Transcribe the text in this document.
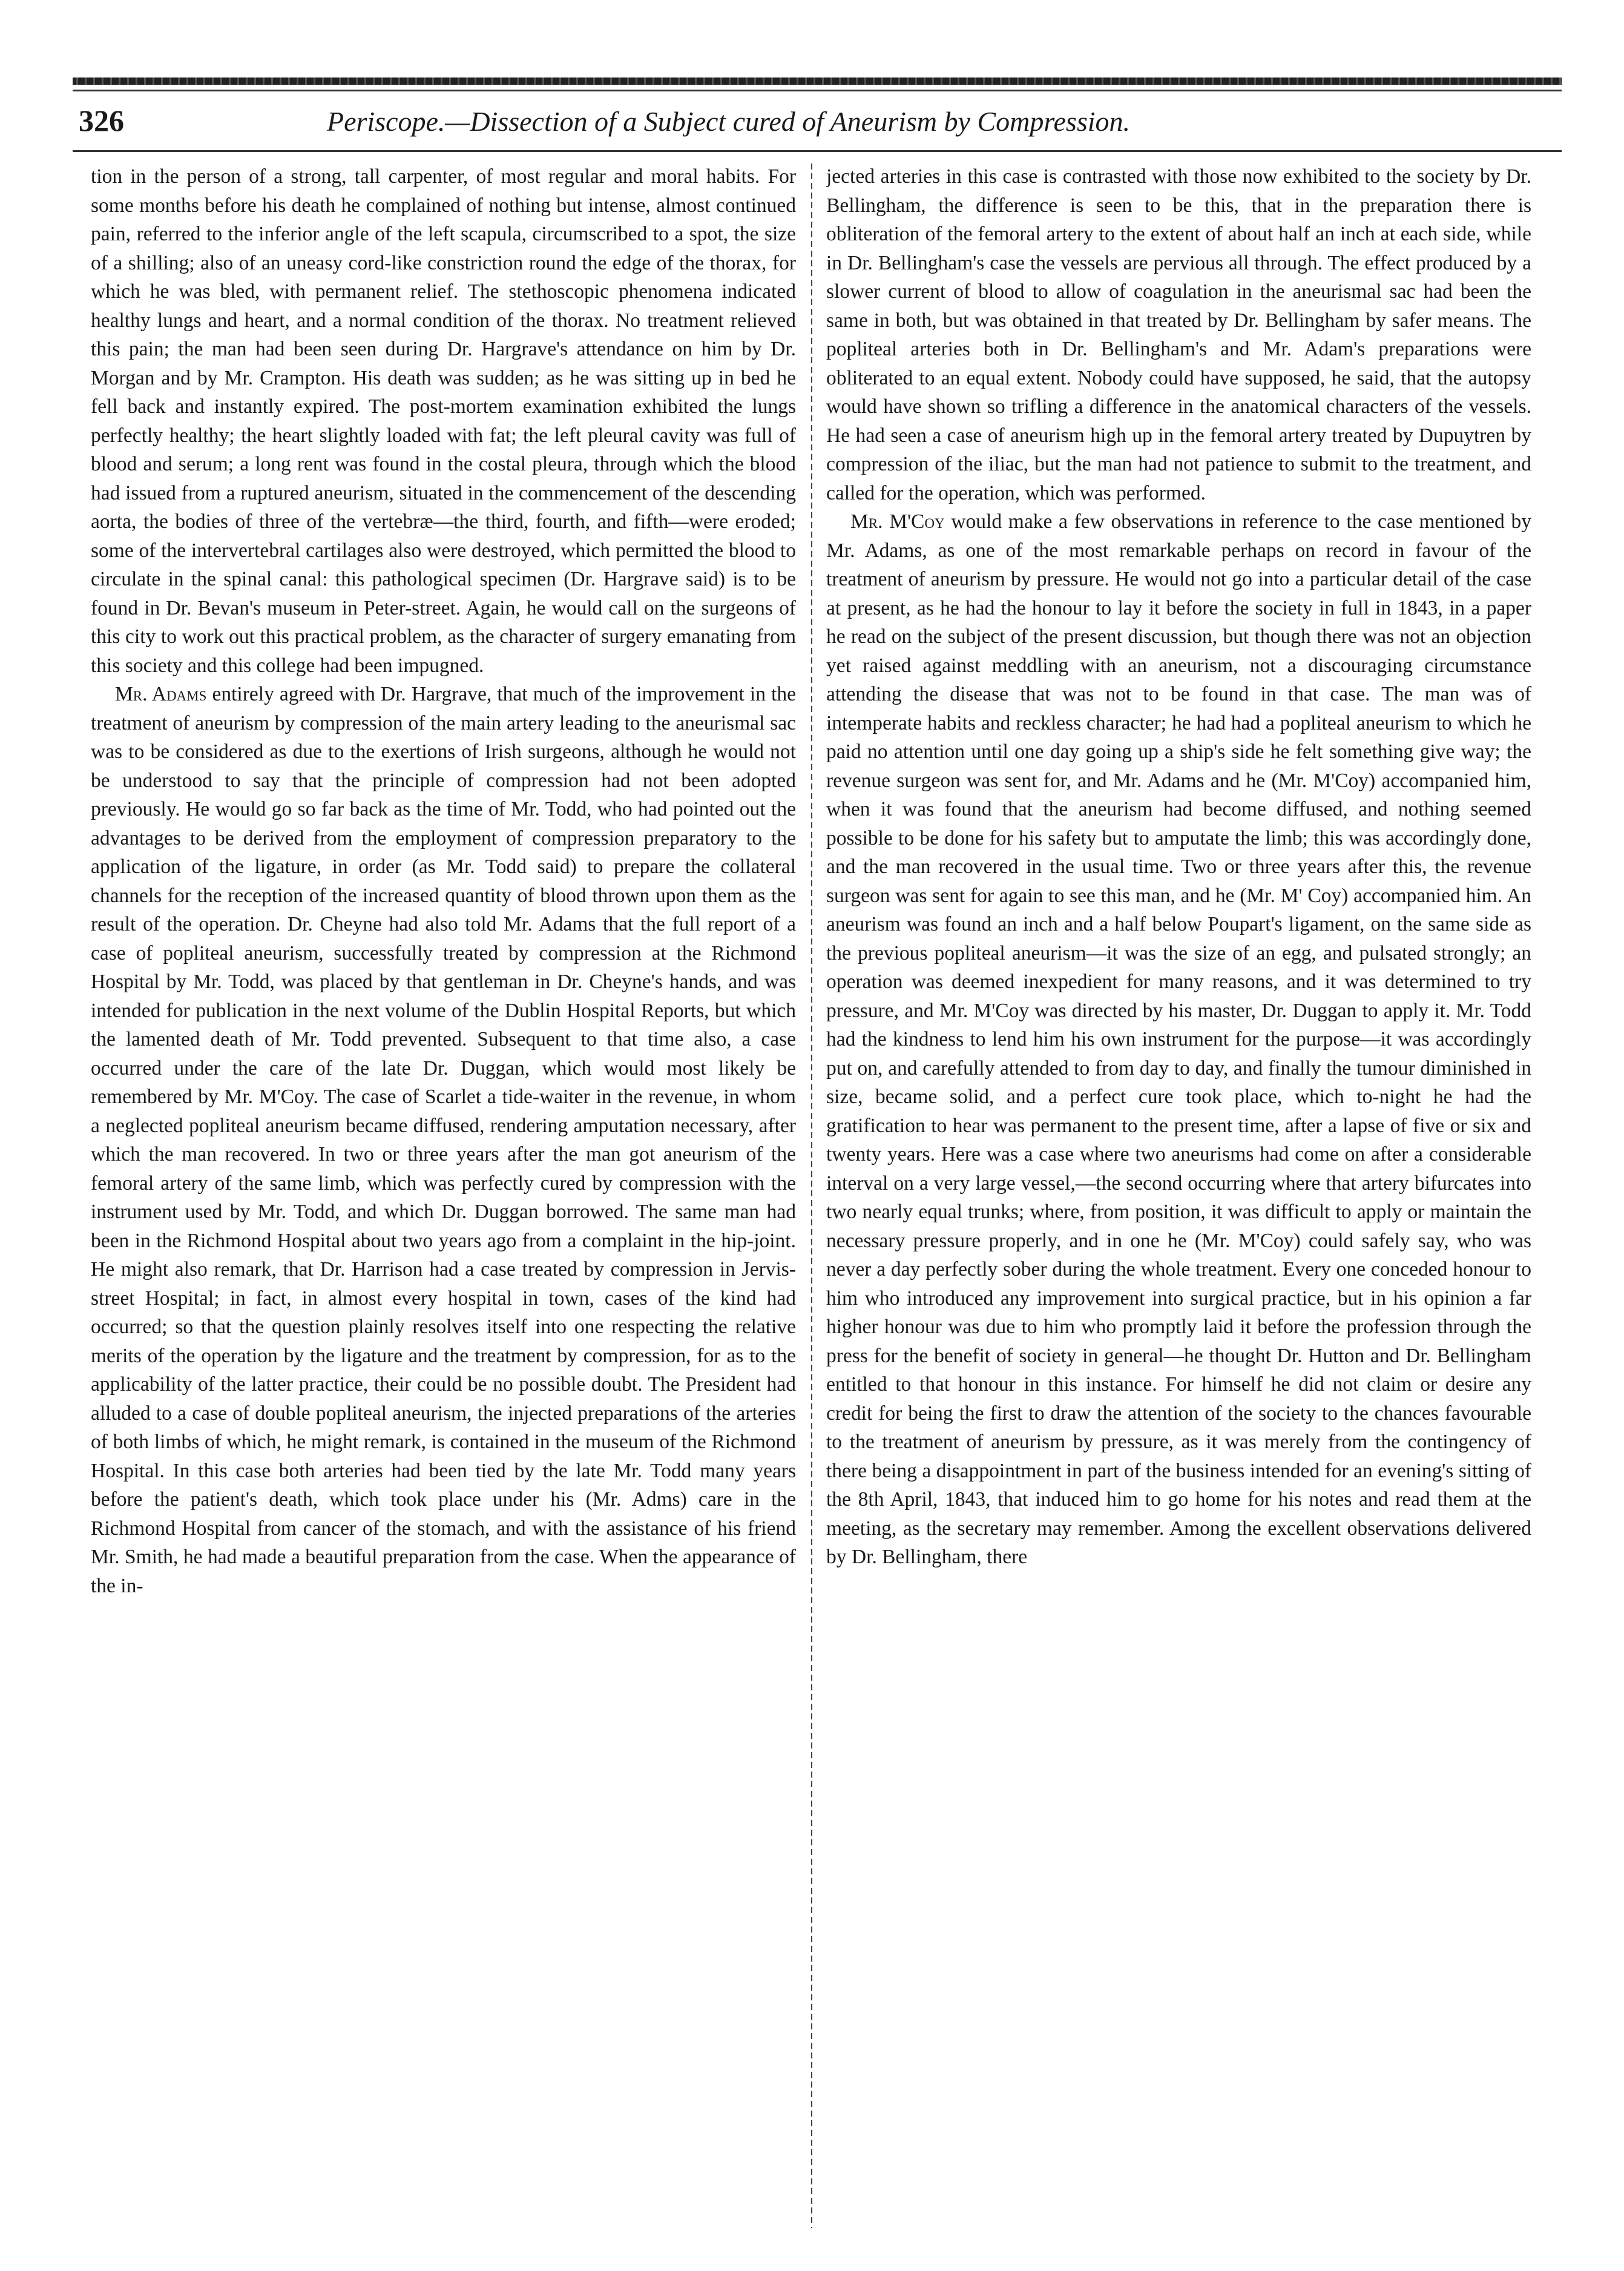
326	Periscope.—Dissection of a Subject cured of Aneurism by Compression.

tion in the person of a strong, tall carpenter, of most regular and moral habits. For some months before his death he complained of nothing but intense, almost continued pain, referred to the inferior angle of the left scapula, circumscribed to a spot, the size of a shilling; also of an uneasy cord-like constriction round the edge of the thorax, for which he was bled, with permanent relief. The stethoscopic phenomena indicated healthy lungs and heart, and a normal condition of the thorax. No treatment relieved this pain; the man had been seen during Dr. Hargrave's attendance on him by Dr. Morgan and by Mr. Crampton. His death was sudden; as he was sitting up in bed he fell back and instantly expired. The post-mortem examination exhibited the lungs perfectly healthy; the heart slightly loaded with fat; the left pleural cavity was full of blood and serum; a long rent was found in the costal pleura, through which the blood had issued from a ruptured aneurism, situated in the commencement of the descending aorta, the bodies of three of the vertebræ—the third, fourth, and fifth—were eroded; some of the intervertebral cartilages also were destroyed, which permitted the blood to circulate in the spinal canal: this pathological specimen (Dr. Hargrave said) is to be found in Dr. Bevan's museum in Peter-street. Again, he would call on the surgeons of this city to work out this practical problem, as the character of surgery emanating from this society and this college had been impugned.

Mr. Adams entirely agreed with Dr. Hargrave, that much of the improvement in the treatment of aneurism by compression of the main artery leading to the aneurismal sac was to be considered as due to the exertions of Irish surgeons, although he would not be understood to say that the principle of compression had not been adopted previously. He would go so far back as the time of Mr. Todd, who had pointed out the advantages to be derived from the employment of compression preparatory to the application of the ligature, in order (as Mr. Todd said) to prepare the collateral channels for the reception of the increased quantity of blood thrown upon them as the result of the operation. Dr. Cheyne had also told Mr. Adams that the full report of a case of popliteal aneurism, successfully treated by compression at the Richmond Hospital by Mr. Todd, was placed by that gentleman in Dr. Cheyne's hands, and was intended for publication in the next volume of the Dublin Hospital Reports, but which the lamented death of Mr. Todd prevented. Subsequent to that time also, a case occurred under the care of the late Dr. Duggan, which would most likely be remembered by Mr. M'Coy. The case of Scarlet a tide-waiter in the revenue, in whom a neglected popliteal aneurism became diffused, rendering amputation necessary, after which the man recovered. In two or three years after the man got aneurism of the femoral artery of the same limb, which was perfectly cured by compression with the instrument used by Mr. Todd, and which Dr. Duggan borrowed. The same man had been in the Richmond Hospital about two years ago from a complaint in the hip-joint. He might also remark, that Dr. Harrison had a case treated by compression in Jervis-street Hospital; in fact, in almost every hospital in town, cases of the kind had occurred; so that the question plainly resolves itself into one respecting the relative merits of the operation by the ligature and the treatment by compression, for as to the applicability of the latter practice, their could be no possible doubt. The President had alluded to a case of double popliteal aneurism, the injected preparations of the arteries of both limbs of which, he might remark, is contained in the museum of the Richmond Hospital. In this case both arteries had been tied by the late Mr. Todd many years before the patient's death, which took place under his (Mr. Adms) care in the Richmond Hospital from cancer of the stomach, and with the assistance of his friend Mr. Smith, he had made a beautiful preparation from the case. When the appearance of the in-

jected arteries in this case is contrasted with those now exhibited to the society by Dr. Bellingham, the difference is seen to be this, that in the preparation there is obliteration of the femoral artery to the extent of about half an inch at each side, while in Dr. Bellingham's case the vessels are pervious all through. The effect produced by a slower current of blood to allow of coagulation in the aneurismal sac had been the same in both, but was obtained in that treated by Dr. Bellingham by safer means. The popliteal arteries both in Dr. Bellingham's and Mr. Adam's preparations were obliterated to an equal extent. Nobody could have supposed, he said, that the autopsy would have shown so trifling a difference in the anatomical characters of the vessels. He had seen a case of aneurism high up in the femoral artery treated by Dupuytren by compression of the iliac, but the man had not patience to submit to the treatment, and called for the operation, which was performed.

Mr. M'Coy would make a few observations in reference to the case mentioned by Mr. Adams, as one of the most remarkable perhaps on record in favour of the treatment of aneurism by pressure. He would not go into a particular detail of the case at present, as he had the honour to lay it before the society in full in 1843, in a paper he read on the subject of the present discussion, but though there was not an objection yet raised against meddling with an aneurism, not a discouraging circumstance attending the disease that was not to be found in that case. The man was of intemperate habits and reckless character; he had had a popliteal aneurism to which he paid no attention until one day going up a ship's side he felt something give way; the revenue surgeon was sent for, and Mr. Adams and he (Mr. M'Coy) accompanied him, when it was found that the aneurism had become diffused, and nothing seemed possible to be done for his safety but to amputate the limb; this was accordingly done, and the man recovered in the usual time. Two or three years after this, the revenue surgeon was sent for again to see this man, and he (Mr. M' Coy) accompanied him. An aneurism was found an inch and a half below Poupart's ligament, on the same side as the previous popliteal aneurism—it was the size of an egg, and pulsated strongly; an operation was deemed inexpedient for many reasons, and it was determined to try pressure, and Mr. M'Coy was directed by his master, Dr. Duggan to apply it. Mr. Todd had the kindness to lend him his own instrument for the purpose—it was accordingly put on, and carefully attended to from day to day, and finally the tumour diminished in size, became solid, and a perfect cure took place, which to-night he had the gratification to hear was permanent to the present time, after a lapse of five or six and twenty years. Here was a case where two aneurisms had come on after a considerable interval on a very large vessel,—the second occurring where that artery bifurcates into two nearly equal trunks; where, from position, it was difficult to apply or maintain the necessary pressure properly, and in one he (Mr. M'Coy) could safely say, who was never a day perfectly sober during the whole treatment. Every one conceded honour to him who introduced any improvement into surgical practice, but in his opinion a far higher honour was due to him who promptly laid it before the profession through the press for the benefit of society in general—he thought Dr. Hutton and Dr. Bellingham entitled to that honour in this instance. For himself he did not claim or desire any credit for being the first to draw the attention of the society to the chances favourable to the treatment of aneurism by pressure, as it was merely from the contingency of there being a disappointment in part of the business intended for an evening's sitting of the 8th April, 1843, that induced him to go home for his notes and read them at the meeting, as the secretary may remember. Among the excellent observations delivered by Dr. Bellingham, there
